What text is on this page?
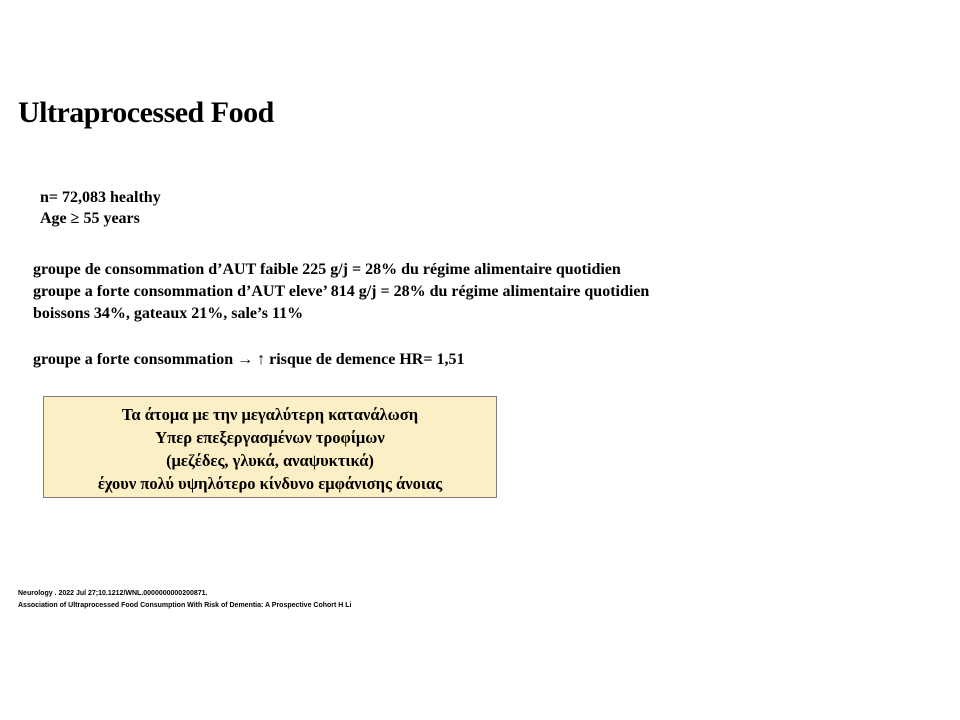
Ultraprocessed Food
n= 72,083 healthy
Age ≥ 55 years
groupe de consommation d’AUT faible 225 g/j = 28% du régime alimentaire quotidien
groupe a forte consommation d’AUT eleve’ 814 g/j = 28% du régime alimentaire quotidien
boissons 34%, gateaux 21%, sale’s 11%
groupe a forte consommation → ↑ risque de demence HR= 1,51
Τα άτομα με την μεγαλύτερη κατανάλωση
Υπερ επεξεργασμένων τροφίμων
(μεζέδες, γλυκά, αναψυκτικά)
έχουν πολύ υψηλότερο κίνδυνο εμφάνισης άνοιας
Neurology . 2022 Jul 27;10.1212/WNL.0000000000200871.
Association of Ultraprocessed Food Consumption With Risk of Dementia: A Prospective Cohort H Li
